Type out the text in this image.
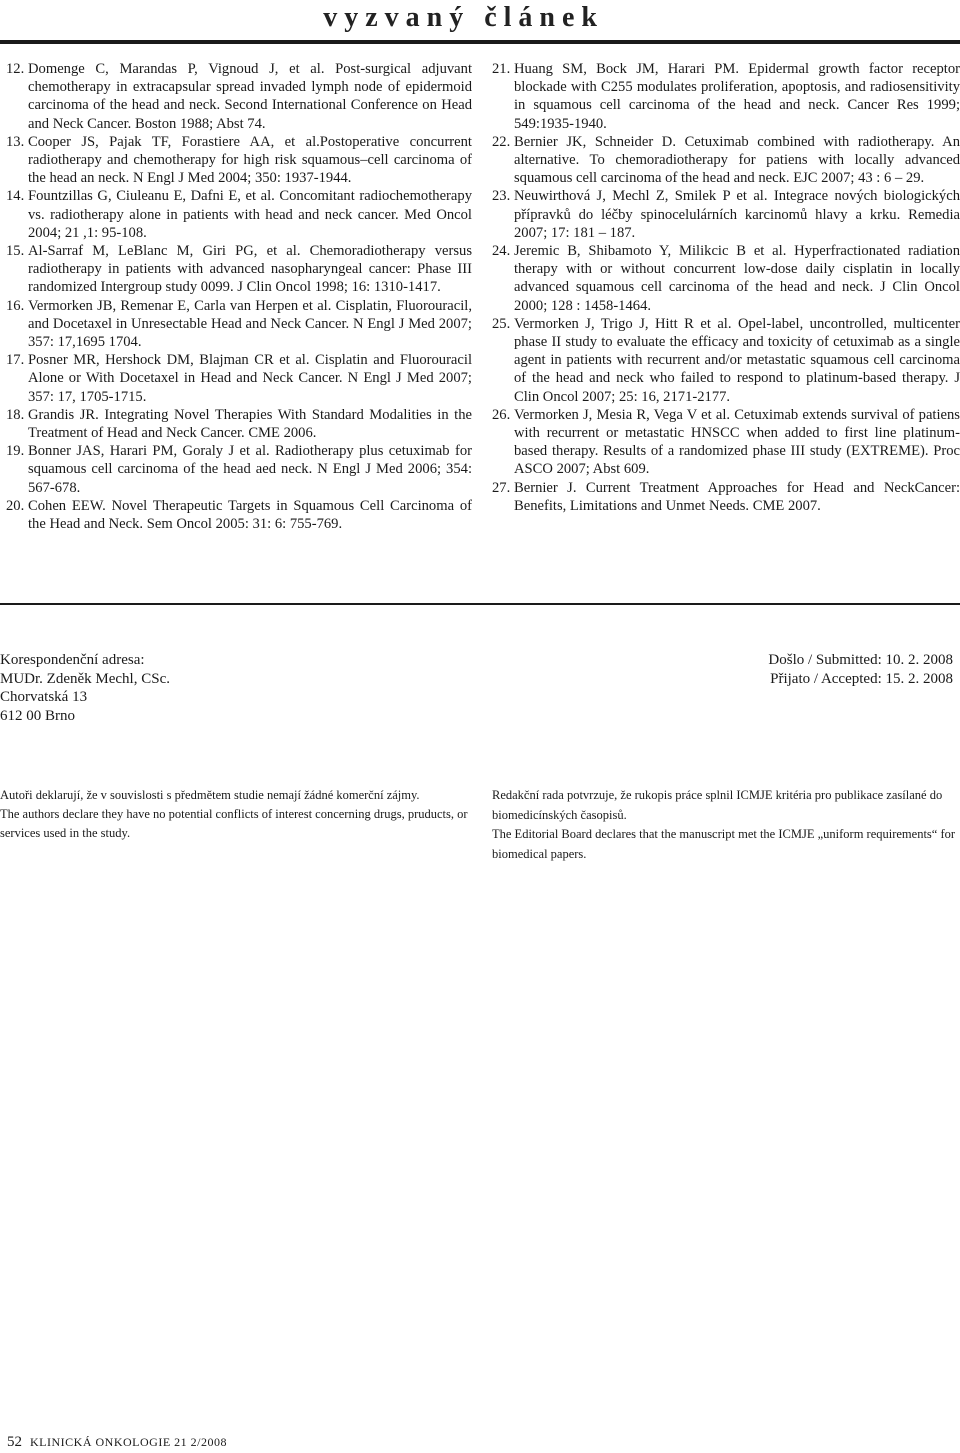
vyzvaný článek
12. Domenge C, Marandas P, Vignoud J, et al. Post-surgical adjuvant chemotherapy in extracapsular spread invaded lymph node of epidermoid carcinoma of the head and neck. Second International Conference on Head and Neck Cancer. Boston 1988; Abst 74.
13. Cooper JS, Pajak TF, Forastiere AA, et al.Postoperative concurrent radiotherapy and chemotherapy for high risk squamous–cell carcinoma of the head an neck. N Engl J Med 2004; 350: 1937-1944.
14. Fountzillas G, Ciuleanu E, Dafni E, et al. Concomitant radiochemotherapy vs. radiotherapy alone in patients with head and neck cancer. Med Oncol 2004; 21 ,1: 95-108.
15. Al-Sarraf M, LeBlanc M, Giri PG, et al. Chemoradiotherapy versus radiotherapy in patients with advanced nasopharyngeal cancer: Phase III randomized Intergroup study 0099. J Clin Oncol 1998; 16: 1310-1417.
16. Vermorken JB, Remenar E, Carla van Herpen et al. Cisplatin, Fluorouracil, and Docetaxel in Unresectable Head and Neck Cancer. N Engl J Med 2007; 357: 17,1695 1704.
17. Posner MR, Hershock DM, Blajman CR et al. Cisplatin and Fluorouracil Alone or With Docetaxel in Head and Neck Cancer. N Engl J Med 2007; 357: 17, 1705-1715.
18. Grandis JR. Integrating Novel Therapies With Standard Modalities in the Treatment of Head and Neck Cancer. CME 2006.
19. Bonner JAS, Harari PM, Goraly J et al. Radiotherapy plus cetuximab for squamous cell carcinoma of the head aed neck. N Engl J Med 2006; 354: 567-678.
20. Cohen EEW. Novel Therapeutic Targets in Squamous Cell Carcinoma of the Head and Neck. Sem Oncol 2005: 31: 6: 755-769.
21. Huang SM, Bock JM, Harari PM. Epidermal growth factor receptor blockade with C255 modulates proliferation, apoptosis, and radiosensitivity in squamous cell carcinoma of the head and neck. Cancer Res 1999; 549:1935-1940.
22. Bernier JK, Schneider D. Cetuximab combined with radiotherapy. An alternative. To chemoradiotherapy for patiens with locally advanced squamous cell carcinoma of the head and neck. EJC 2007; 43 : 6 – 29.
23. Neuwirthová J, Mechl Z, Smilek P et al. Integrace nových biologických přípravků do léčby spinocelulárních karcinomů hlavy a krku. Remedia 2007; 17: 181 – 187.
24. Jeremic B, Shibamoto Y, Milikcic B et al. Hyperfractionated radiation therapy with or without concurrent low-dose daily cisplatin in locally advanced squamous cell carcinoma of the head and neck. J Clin Oncol 2000; 128 : 1458-1464.
25. Vermorken J, Trigo J, Hitt R et al. Opel-label, uncontrolled, multicenter phase II study to evaluate the efficacy and toxicity of cetuximab as a single agent in patients with recurrent and/or metastatic squamous cell carcinoma of the head and neck who failed to respond to platinum-based therapy. J Clin Oncol 2007; 25: 16, 2171-2177.
26. Vermorken J, Mesia R, Vega V et al. Cetuximab extends survival of patiens with recurrent or metastatic HNSCC when added to first line platinum-based therapy. Results of a randomized phase III study (EXTREME). Proc ASCO 2007; Abst 609.
27. Bernier J. Current Treatment Approaches for Head and NeckCancer: Benefits, Limitations and Unmet Needs. CME 2007.
Korespondenční adresa:
MUDr. Zdeněk Mechl, CSc.
Chorvatská 13
612 00 Brno
Došlo / Submitted: 10. 2. 2008
Přijato / Accepted: 15. 2. 2008
Autoři deklarují, že v souvislosti s předmětem studie nemají žádné komerční zájmy.
The authors declare they have no potential conflicts of interest concerning drugs, pruducts, or services used in the study.
Redakční rada potvrzuje, že rukopis práce splnil ICMJE kritéria pro publikace zasílané do biomedicínských časopisů.
The Editorial Board declares that the manuscript met the ICMJE „uniform requirements“ for biomedical papers.
52 KLINICKÁ ONKOLOGIE 21 2/2008
